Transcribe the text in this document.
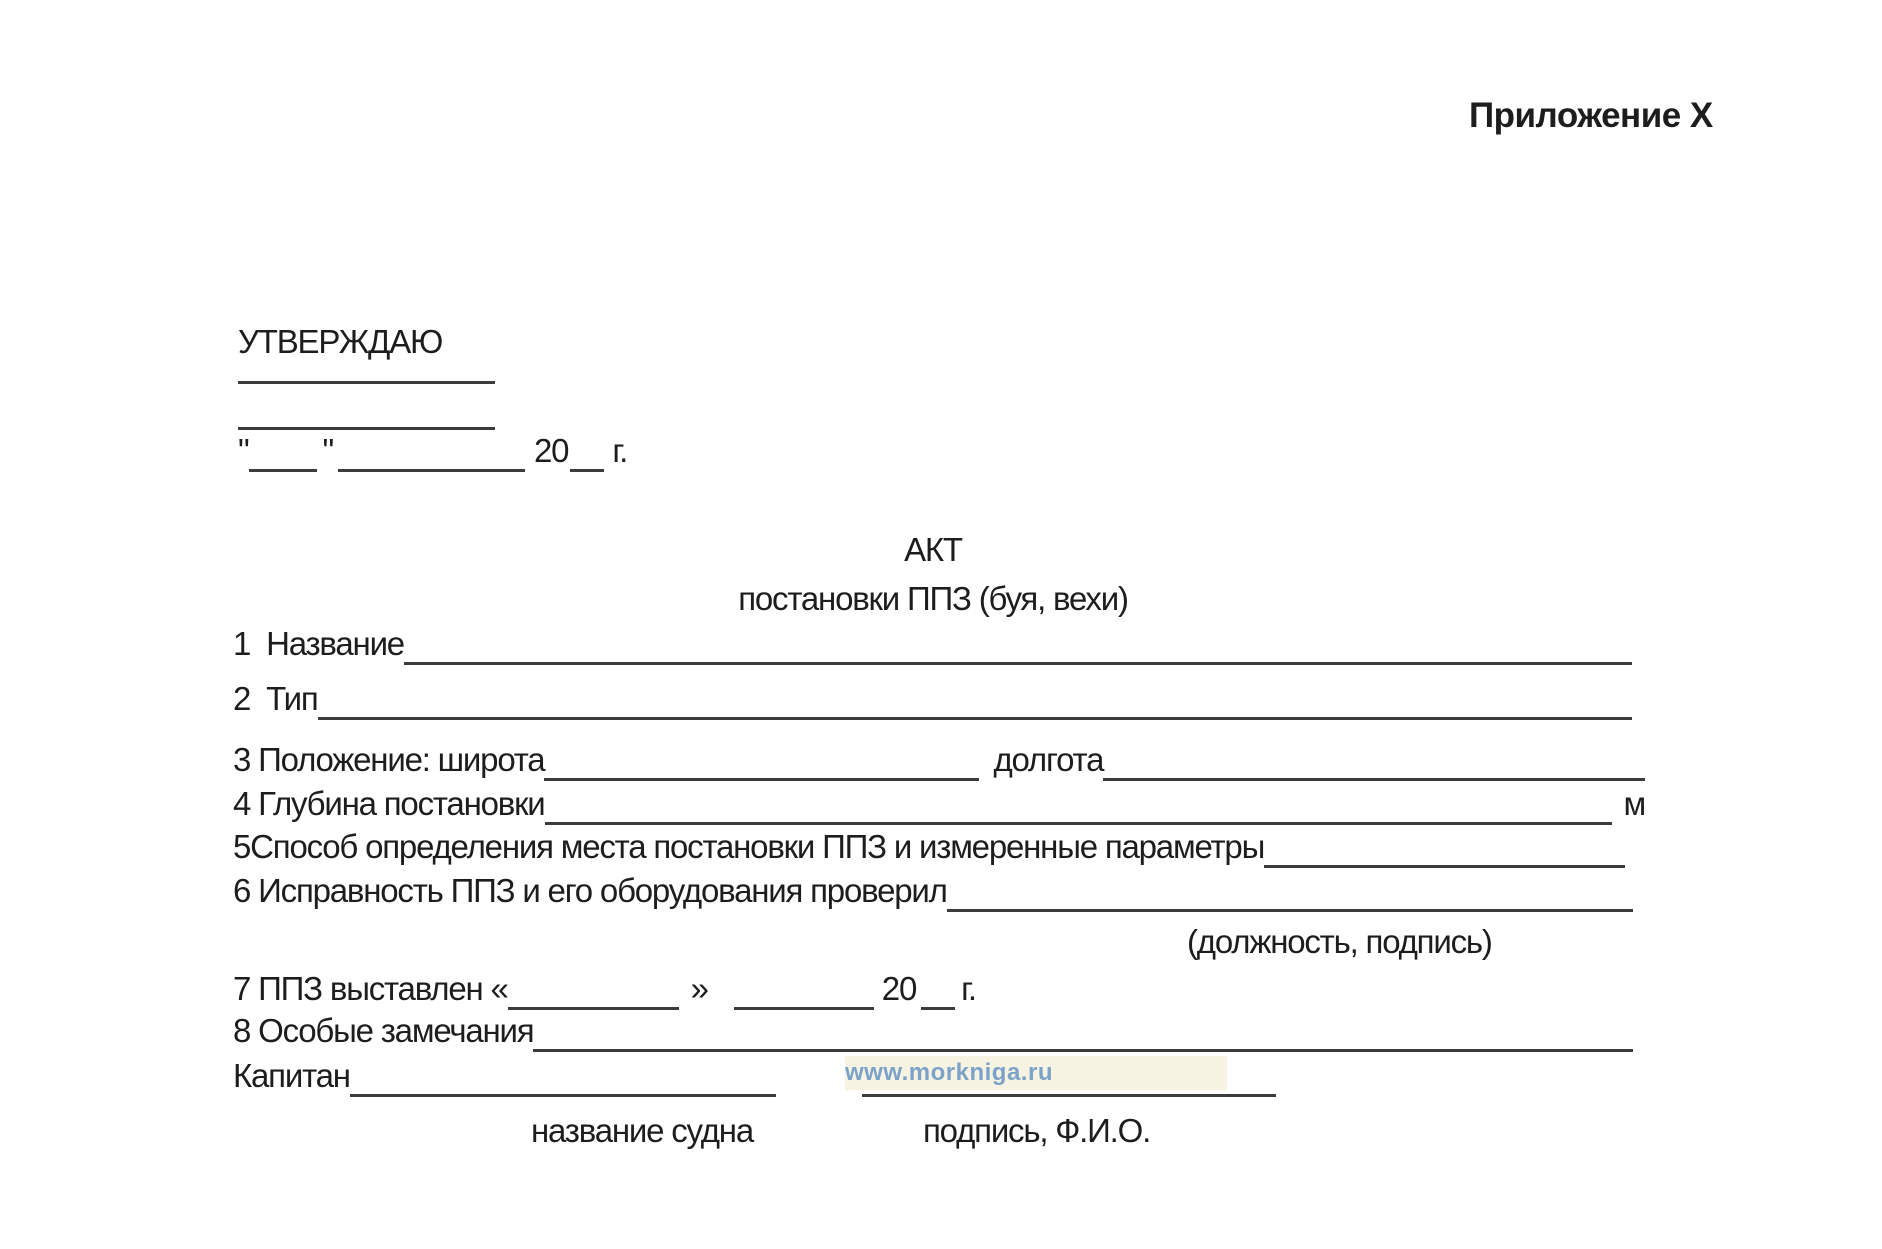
Приложение X
УТВЕРЖДАЮ
" "	20 г.
АКТ
постановки ППЗ (буя, вехи)
1  Название
2  Тип
3 Положение: широта	долгота
4 Глубина постановки	м
5Способ определения места постановки ППЗ и измеренные параметры
6 Исправность ППЗ и его оборудования проверил
(должность, подпись)
7 ППЗ выставлен «	»	20 г.
8 Особые замечания
Капитан	www.morkniga.ru
название судна	подпись, Ф.И.О.
